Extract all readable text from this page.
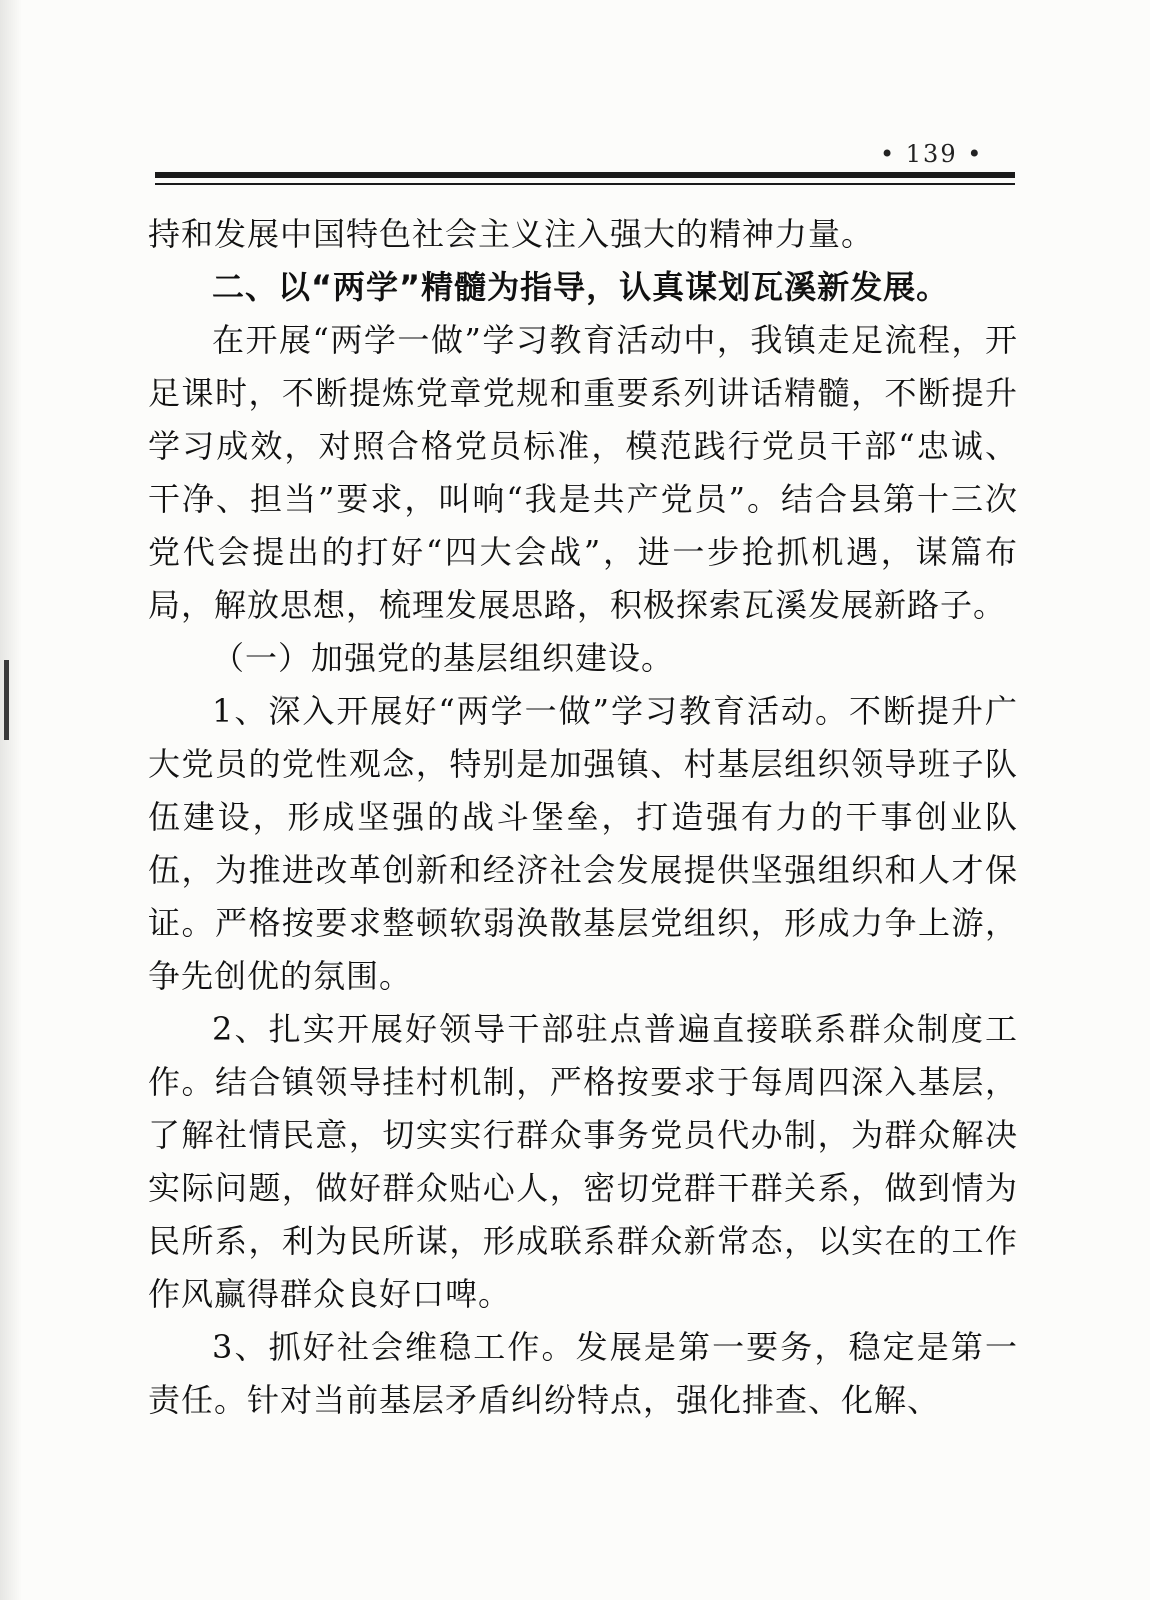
• 139 •

持和发展中国特色社会主义注入强大的精神力量。

二、以“两学”精髓为指导，认真谋划瓦溪新发展。

在开展“两学一做”学习教育活动中，我镇走足流程，开足课时，不断提炼党章党规和重要系列讲话精髓，不断提升学习成效，对照合格党员标准，模范践行党员干部“忠诚、干净、担当”要求，叫响“我是共产党员”。结合县第十三次党代会提出的打好“四大会战”，进一步抢抓机遇，谋篇布局，解放思想，梳理发展思路，积极探索瓦溪发展新路子。

（一）加强党的基层组织建设。

1、深入开展好“两学一做”学习教育活动。不断提升广大党员的党性观念，特别是加强镇、村基层组织领导班子队伍建设，形成坚强的战斗堡垒，打造强有力的干事创业队伍，为推进改革创新和经济社会发展提供坚强组织和人才保证。严格按要求整顿软弱涣散基层党组织，形成力争上游，争先创优的氛围。

2、扎实开展好领导干部驻点普遍直接联系群众制度工作。结合镇领导挂村机制，严格按要求于每周四深入基层，了解社情民意，切实实行群众事务党员代办制，为群众解决实际问题，做好群众贴心人，密切党群干群关系，做到情为民所系，利为民所谋，形成联系群众新常态，以实在的工作作风赢得群众良好口啤。

3、抓好社会维稳工作。发展是第一要务，稳定是第一责任。针对当前基层矛盾纠纷特点，强化排查、化解、
